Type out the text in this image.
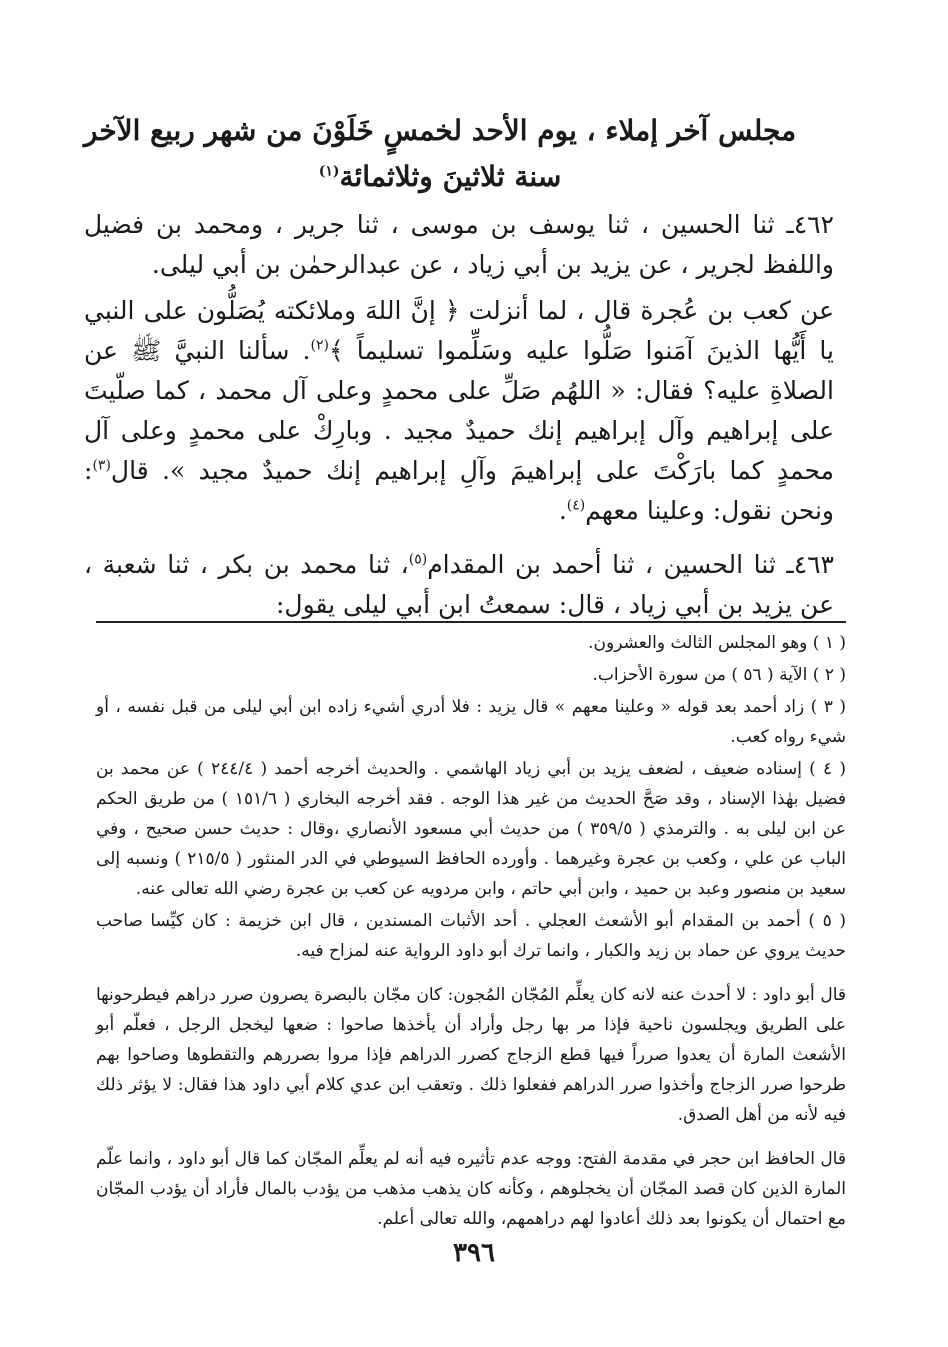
مجلس آخر إملاء ، يوم الأحد لخمسٍ خَلَوْنَ من شهر ربيع الآخر
سنة ثلاثينَ وثلاثمائة$^{(١)}$

٤٦٢ـ ثنا الحسين ، ثنا يوسف بن موسى ، ثنا جرير ، ومحمد بن فضيل واللفظ لجرير ، عن يزيد بن أبي زياد ، عن عبدالرحمٰن بن أبي ليلى.

عن كعب بن عُجرة قال ، لما أنزلت ﴿ إنَّ اللهَ وملائكته يُصَلُّون على النبي يا أَيُّها الذينَ آمَنوا صَلُّوا عليه وسَلِّموا تسليماً ﴾$^{(٢)}$. سألنا النبيَّ ﷺ عن الصلاةِ عليه؟ فقال: « اللهُم صَلِّ على محمدٍ وعلى آل محمد ، كما صلّيتَ على إبراهيم وآل إبراهيم إنك حميدٌ مجيد . وبارِكْ على محمدٍ وعلى آل محمدٍ كما بارَكْتَ على إبراهيمَ وآلِ إبراهيم إنك حميدٌ مجيد ». قال$^{(٣)}$: ونحن نقول: وعلينا معهم$^{(٤)}$.

٤٦٣ـ ثنا الحسين ، ثنا أحمد بن المقدام$^{(٥)}$، ثنا محمد بن بكر ، ثنا شعبة ، عن يزيد بن أبي زياد ، قال: سمعتُ ابن أبي ليلى يقول:

( ١ ) وهو المجلس الثالث والعشرون.

( ٢ ) الآية ( ٥٦ ) من سورة الأحزاب.

( ٣ ) زاد أحمد بعد قوله « وعلينا معهم » قال يزيد : فلا أدري أشيء زاده ابن أبي ليلى من قبل نفسه ، أو شيء رواه كعب.

( ٤ ) إسناده ضعيف ، لضعف يزيد بن أبي زياد الهاشمي . والحديث أخرجه أحمد ( ٢٤٤/٤ ) عن محمد بن فضيل بهٰذا الإسناد ، وقد صَحَّ الحديث من غير هذا الوجه . فقد أخرجه البخاري ( ١٥١/٦ ) من طريق الحكم عن ابن ليلى به . والترمذي ( ٣٥٩/٥ ) من حديث أبي مسعود الأنصاري ،وقال : حديث حسن صحيح ، وفي الباب عن علي ، وكعب بن عجرة وغيرهما . وأورده الحافظ السيوطي في الدر المنثور ( ٢١٥/٥ ) ونسبه إلى سعيد بن منصور وعبد بن حميد ، وابن أبي حاتم ، وابن مردويه عن كعب بن عجرة رضي الله تعالى عنه.

( ٥ ) أحمد بن المقدام أبو الأشعث العجلي . أحد الأثبات المسندين ، قال ابن خزيمة : كان كيِّسا صاحب حديث يروي عن حماد بن زيد والكبار ، وانما ترك أبو داود الرواية عنه لمزاح فيه.

قال أبو داود : لا أحدث عنه لانه كان يعلِّم المُجّان المُجون: كان مجّان بالبصرة يصرون صرر دراهم فيطرحونها على الطريق ويجلسون ناحية فإذا مر بها رجل وأراد أن يأخذها صاحوا : ضعها ليخجل الرجل ، فعلّم أبو الأشعث المارة أن يعدوا صرراً فيها قطع الزجاج كصرر الدراهم فإذا مروا بصررهم والتقطوها وصاحوا بهم طرحوا صرر الزجاج وأخذوا صرر الدراهم ففعلوا ذلك . وتعقب ابن عدي كلام أبي داود هذا فقال: لا يؤثر ذلك فيه لأنه من أهل الصدق.

قال الحافظ ابن حجر في مقدمة الفتح: ووجه عدم تأثيره فيه أنه لم يعلِّم المجّان كما قال أبو داود ، وانما علّم المارة الذين كان قصد المجّان أن يخجلوهم ، وكأنه كان يذهب مذهب من يؤدب بالمال فأراد أن يؤدب المجّان مع احتمال أن يكونوا بعد ذلك أعادوا لهم دراهمهم، والله تعالى أعلم.

٣٩٦
